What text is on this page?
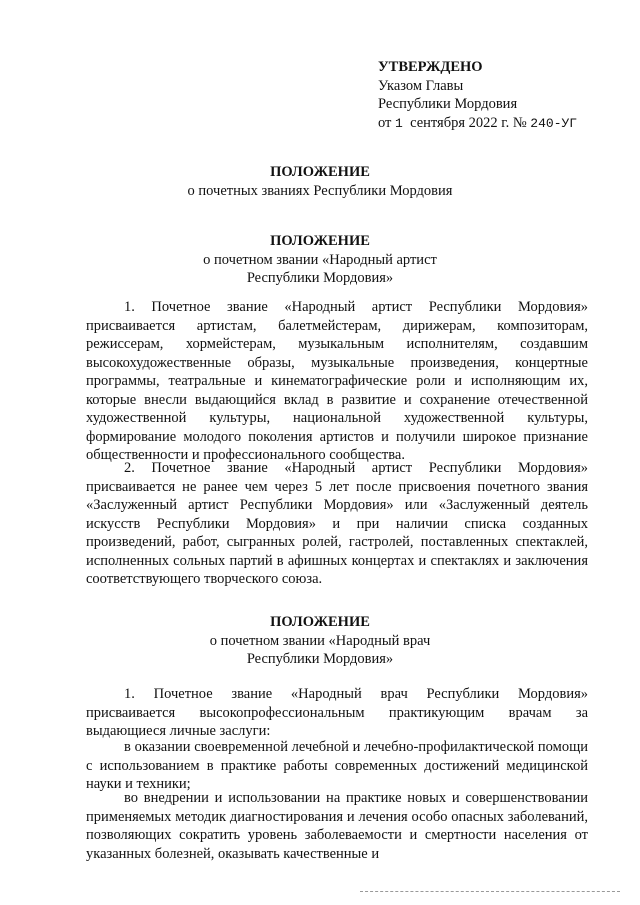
УТВЕРЖДЕНО
Указом Главы
Республики Мордовия
от 1 сентября 2022 г. № 240-УГ
ПОЛОЖЕНИЕ
о почетных званиях Республики Мордовия
ПОЛОЖЕНИЕ
о почетном звании «Народный артист
Республики Мордовия»
1. Почетное звание «Народный артист Республики Мордовия» присваивается артистам, балетмейстерам, дирижерам, композиторам, режиссерам, хормейстерам, музыкальным исполнителям, создавшим высокохудожественные образы, музыкальные произведения, концертные программы, театральные и кинематографические роли и исполняющим их, которые внесли выдающийся вклад в развитие и сохранение отечественной художественной культуры, национальной художественной культуры, формирование молодого поколения артистов и получили широкое признание общественности и профессионального сообщества.
2. Почетное звание «Народный артист Республики Мордовия» присваивается не ранее чем через 5 лет после присвоения почетного звания «Заслуженный артист Республики Мордовия» или «Заслуженный деятель искусств Республики Мордовия» и при наличии списка созданных произведений, работ, сыгранных ролей, гастролей, поставленных спектаклей, исполненных сольных партий в афишных концертах и спектаклях и заключения соответствующего творческого союза.
ПОЛОЖЕНИЕ
о почетном звании «Народный врач
Республики Мордовия»
1. Почетное звание «Народный врач Республики Мордовия» присваивается высокопрофессиональным практикующим врачам за выдающиеся личные заслуги:
в оказании своевременной лечебной и лечебно-профилактической помощи с использованием в практике работы современных достижений медицинской науки и техники;
во внедрении и использовании на практике новых и совершенствовании применяемых методик диагностирования и лечения особо опасных заболеваний, позволяющих сократить уровень заболеваемости и смертности населения от указанных болезней, оказывать качественные и
